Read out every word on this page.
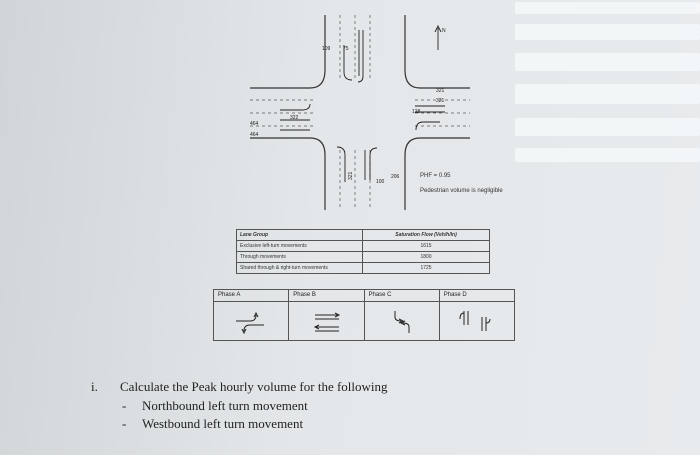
N
109	75
322
464
464
321
321
128
321
100
206	PHF = 0.95
Pedestrian volume is negligible
Lane Group	Saturation Flow (Veh/h/ln)
Exclusive left-turn movements	1615
Through movements	1800
Shared through & right-turn movements	1725
Phase A	Phase B	Phase C	Phase D
i. Calculate the Peak hourly volume for the following
- Northbound left turn movement
- Westbound left turn movement
